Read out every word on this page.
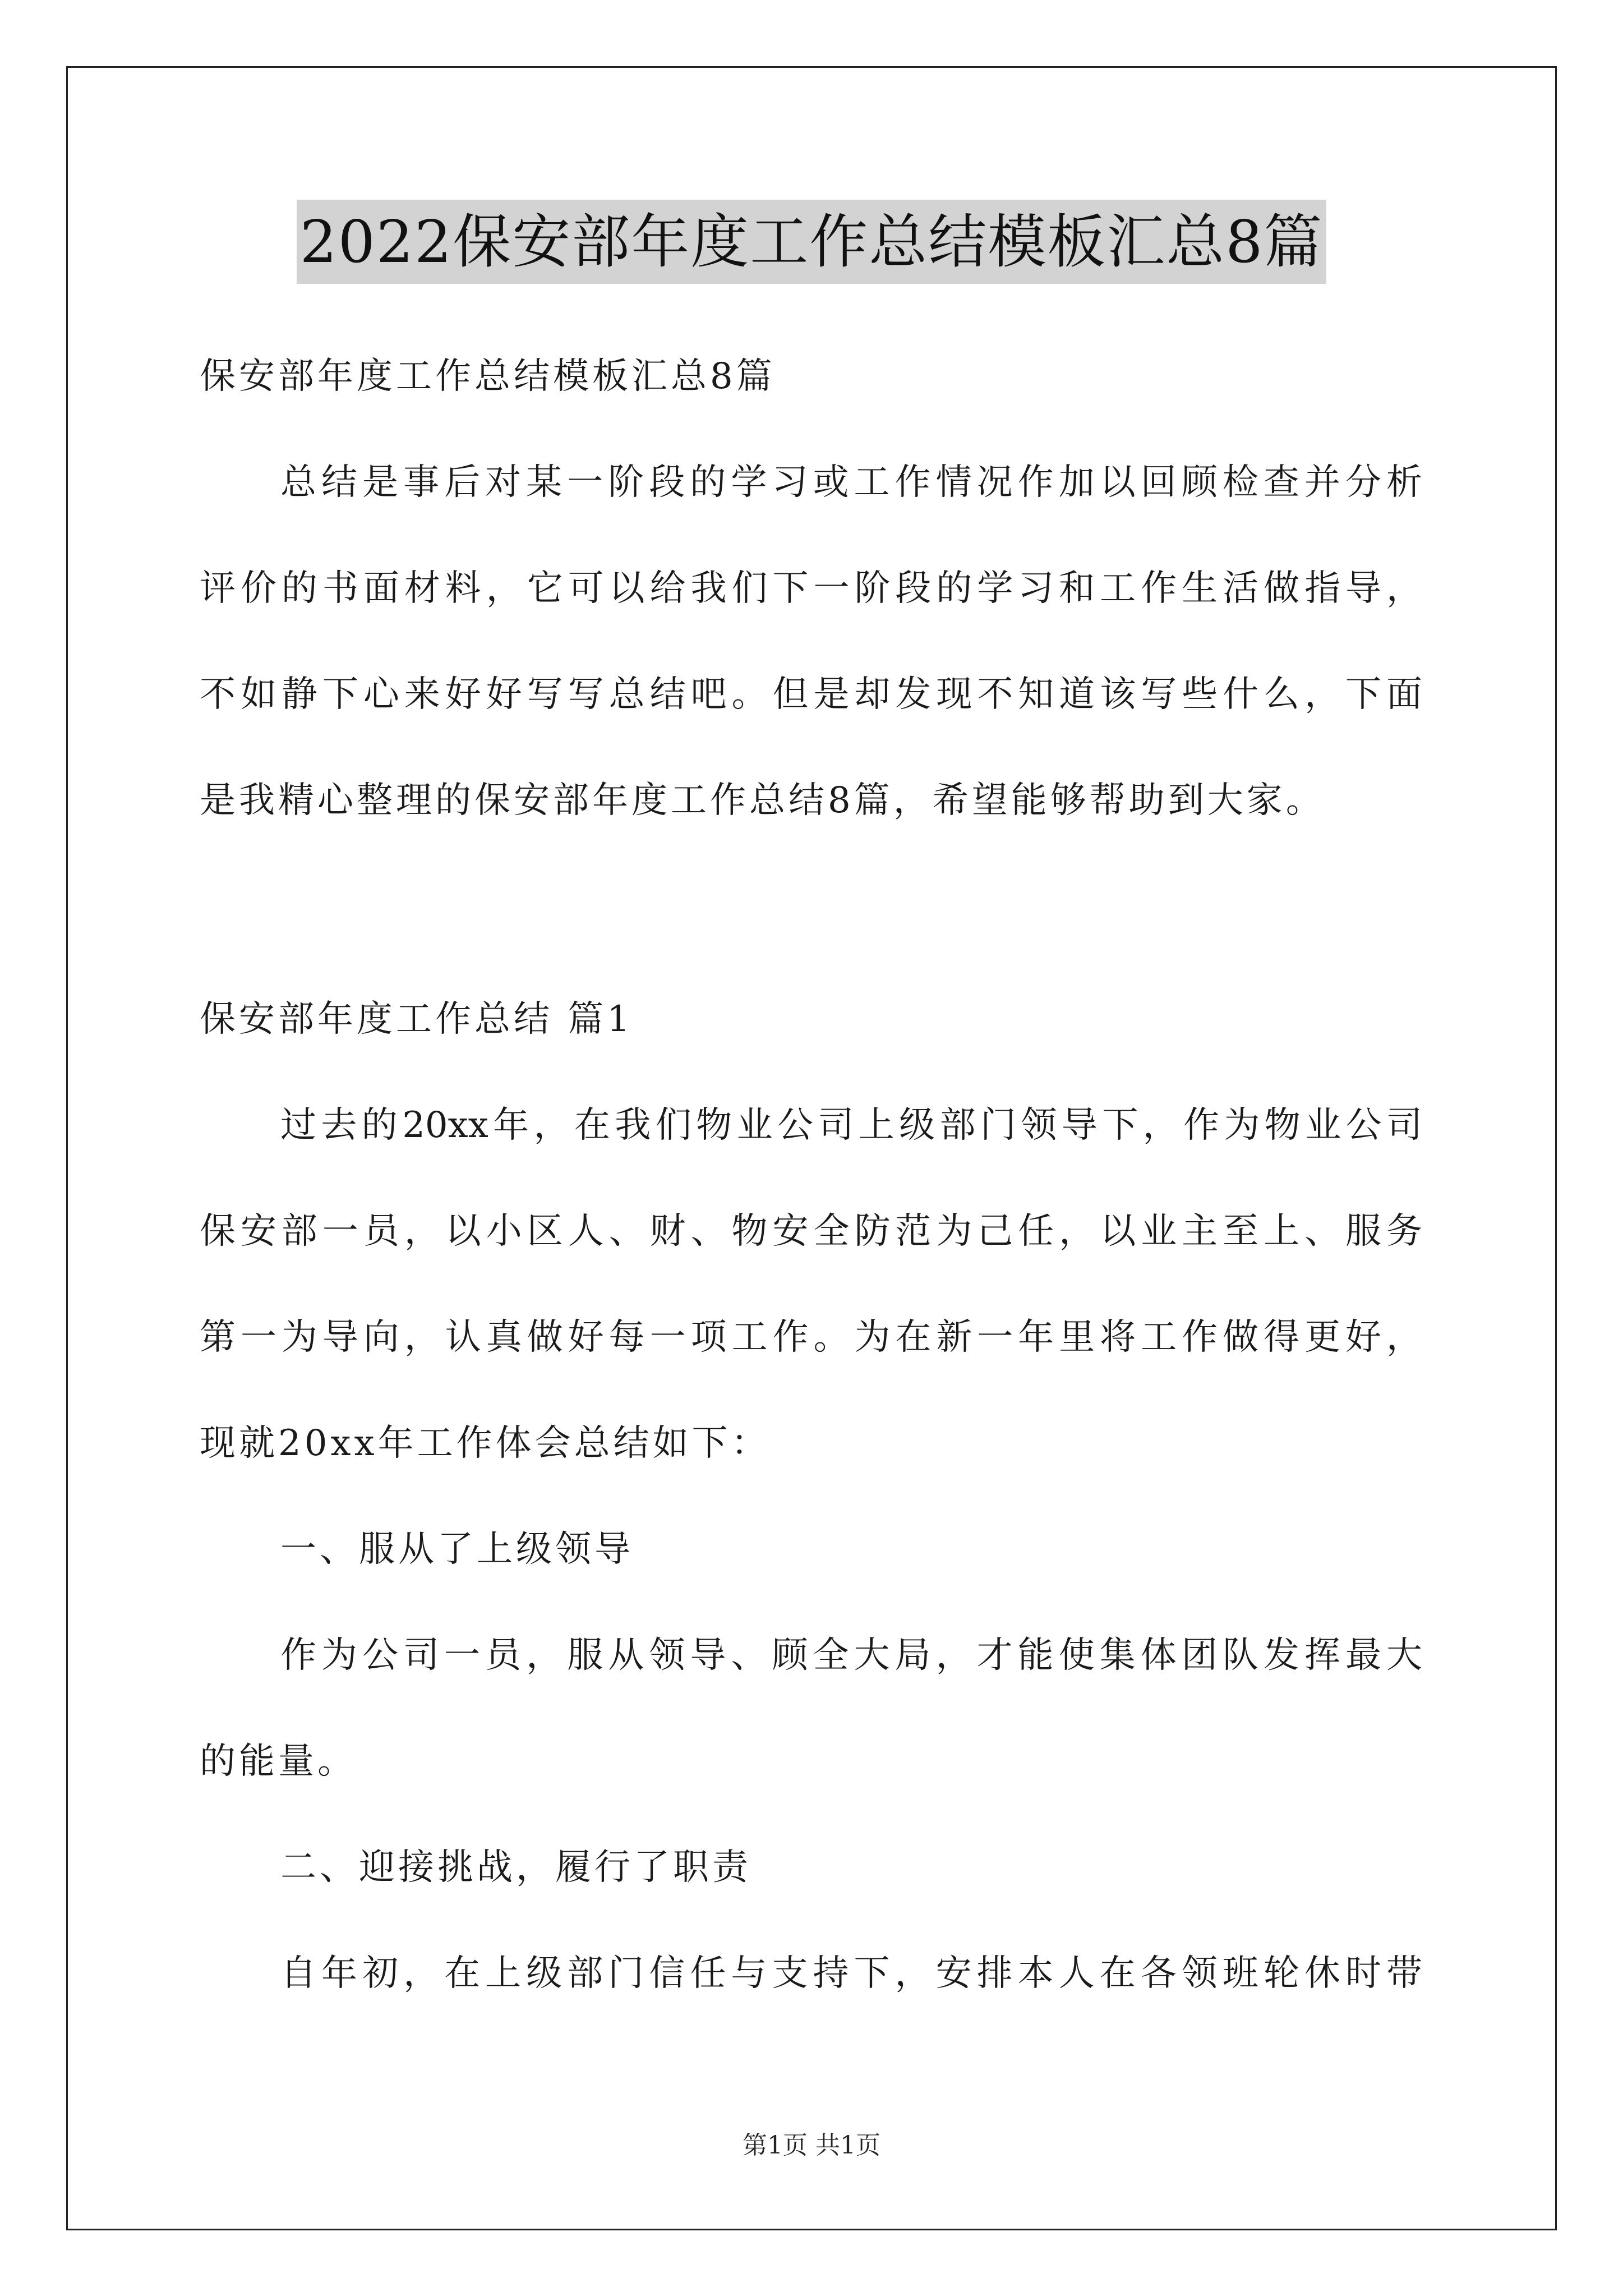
2022保安部年度工作总结模板汇总8篇
保安部年度工作总结模板汇总8篇
总结是事后对某一阶段的学习或工作情况作加以回顾检查并分析
评价的书面材料，它可以给我们下一阶段的学习和工作生活做指导，
不如静下心来好好写写总结吧。但是却发现不知道该写些什么，下面
是我精心整理的保安部年度工作总结8篇，希望能够帮助到大家。
保安部年度工作总结 篇1
过去的20xx年，在我们物业公司上级部门领导下，作为物业公司
保安部一员，以小区人、财、物安全防范为己任，以业主至上、服务
第一为导向，认真做好每一项工作。为在新一年里将工作做得更好，
现就20xx年工作体会总结如下：
一、服从了上级领导
作为公司一员，服从领导、顾全大局，才能使集体团队发挥最大
的能量。
二、迎接挑战，履行了职责
自年初，在上级部门信任与支持下，安排本人在各领班轮休时带
第1页 共1页
